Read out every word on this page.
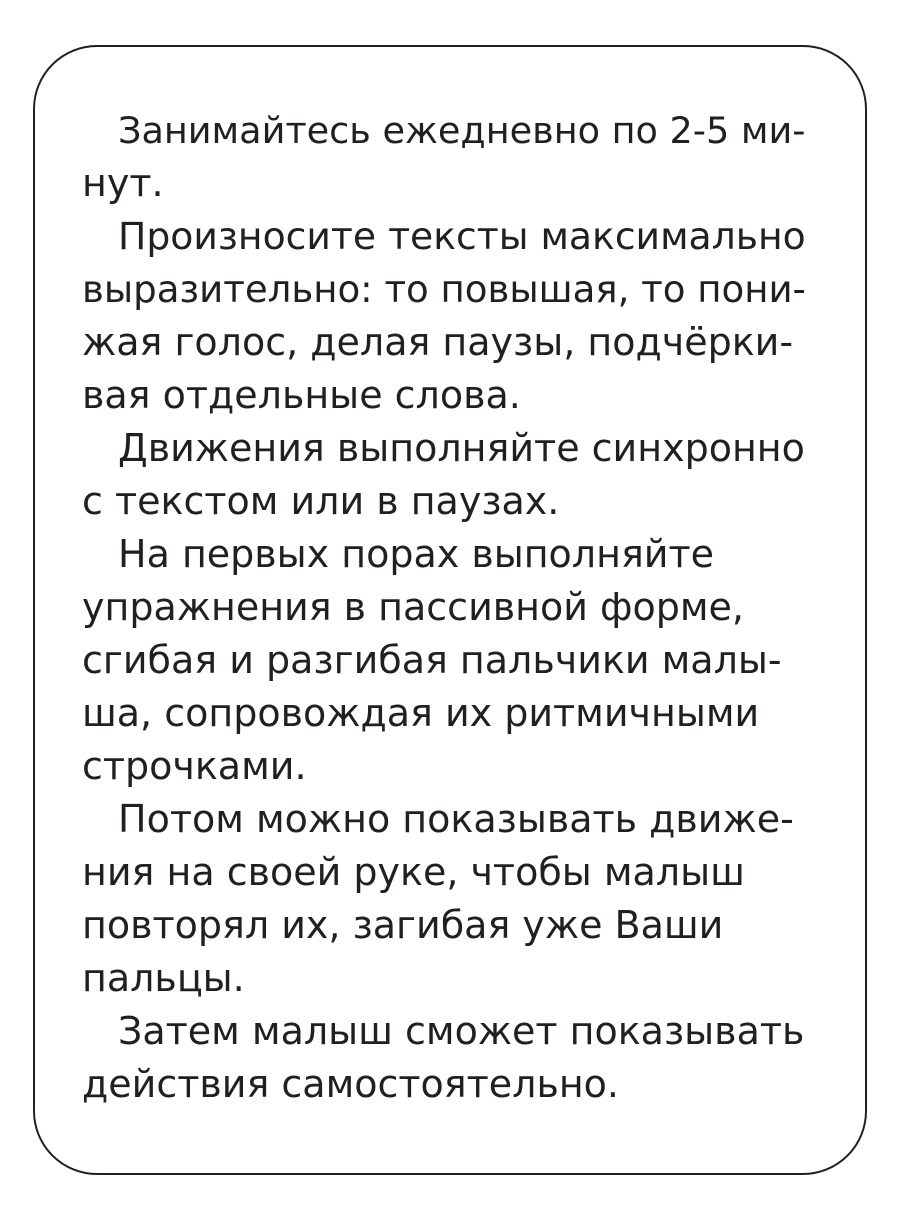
Занимайтесь ежедневно по 2-5 ми-
нут.
Произносите тексты максимально
выразительно: то повышая, то пони-
жая голос, делая паузы, подчёрки-
вая отдельные слова.
Движения выполняйте синхронно
с текстом или в паузах.
На первых порах выполняйте
упражнения в пассивной форме,
сгибая и разгибая пальчики малы-
ша, сопровождая их ритмичными
строчками.
Потом можно показывать движе-
ния на своей руке, чтобы малыш
повторял их, загибая уже Ваши
пальцы.
Затем малыш сможет показывать
действия самостоятельно.
